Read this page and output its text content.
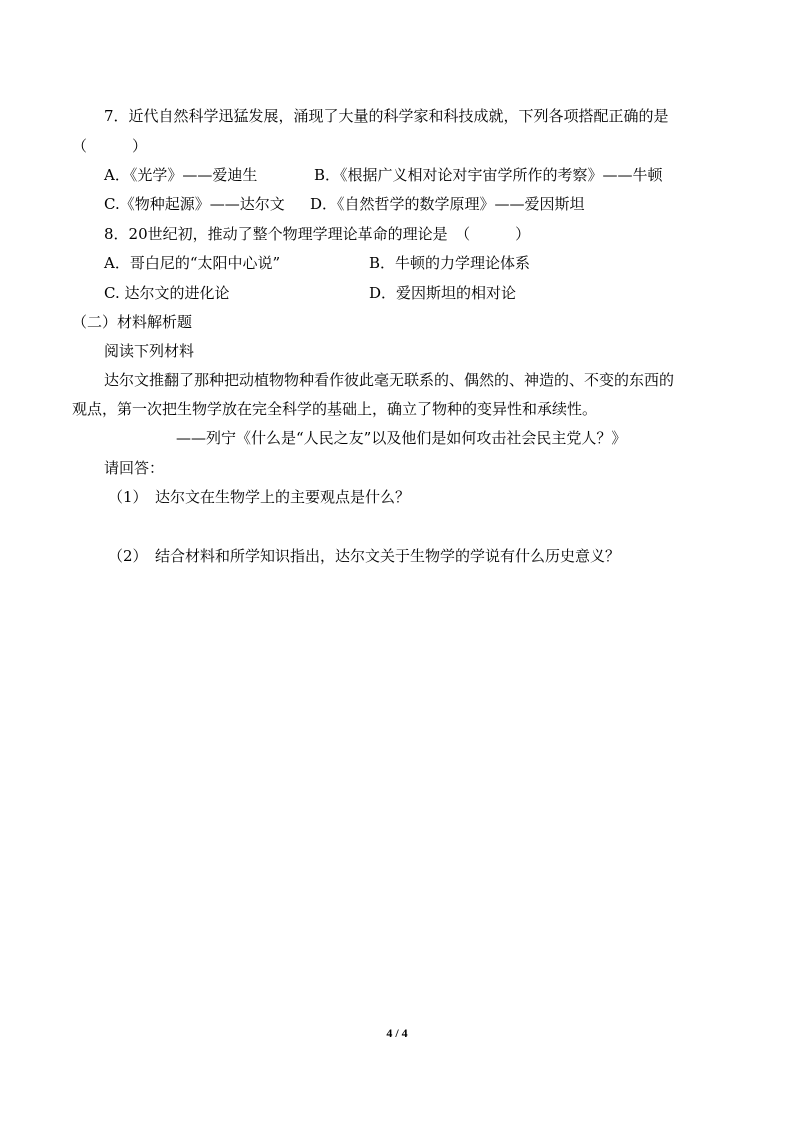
7．近代自然科学迅猛发展，涌现了大量的科学家和科技成就，下列各项搭配正确的是
（　　　）
A．《光学》——爱迪生	B．《根据广义相对论对宇宙学所作的考察》——牛顿
C.《物种起源》——达尔文 D．《自然哲学的数学原理》——爱因斯坦
8．20世纪初，推动了整个物理学理论革命的理论是　（　　　）
A．哥白尼的“太阳中心说”	B．牛顿的力学理论体系
C. 达尔文的进化论	D．爱因斯坦的相对论
（二）材料解析题
阅读下列材料
达尔文推翻了那种把动植物物种看作彼此毫无联系的、偶然的、神造的、不变的东西的
观点，第一次把生物学放在完全科学的基础上，确立了物种的变异性和承续性。
——列宁《什么是“人民之友”以及他们是如何攻击社会民主党人？》
请回答：
（1）　达尔文在生物学上的主要观点是什么？
（2）　结合材料和所学知识指出，达尔文关于生物学的学说有什么历史意义？
4 / 4
